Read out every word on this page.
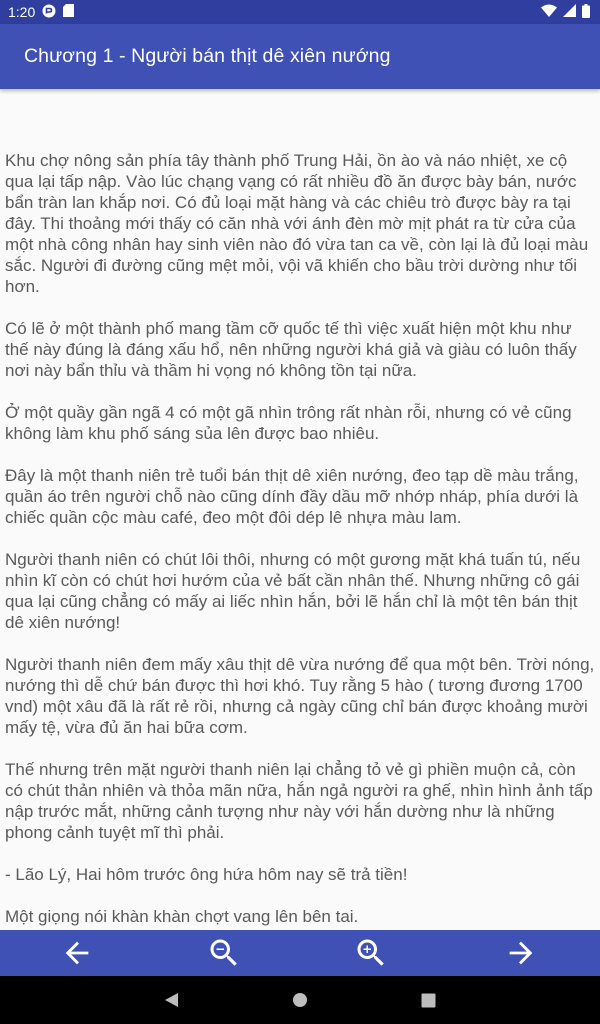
1:20
Chương 1 - Người bán thịt dê xiên nướng

Khu chợ nông sản phía tây thành phố Trung Hải, ồn ào và náo nhiệt, xe cộ qua lại tấp nập. Vào lúc chạng vạng có rất nhiều đồ ăn được bày bán, nước bẩn tràn lan khắp nơi. Có đủ loại mặt hàng và các chiêu trò được bày ra tại đây. Thi thoảng mới thấy có căn nhà với ánh đèn mờ mịt phát ra từ cửa của một nhà công nhân hay sinh viên nào đó vừa tan ca về, còn lại là đủ loại màu sắc. Người đi đường cũng mệt mỏi, vội vã khiến cho bầu trời dường như tối hơn.

Có lẽ ở một thành phố mang tầm cỡ quốc tế thì việc xuất hiện một khu như thế này đúng là đáng xấu hổ, nên những người khá giả và giàu có luôn thấy nơi này bẩn thỉu và thầm hi vọng nó không tồn tại nữa.

Ở một quầy gần ngã 4 có một gã nhìn trông rất nhàn rỗi, nhưng có vẻ cũng không làm khu phố sáng sủa lên được bao nhiêu.

Đây là một thanh niên trẻ tuổi bán thịt dê xiên nướng, đeo tạp dề màu trắng, quần áo trên người chỗ nào cũng dính đầy dầu mỡ nhớp nháp, phía dưới là chiếc quần cộc màu café, đeo một đôi dép lê nhựa màu lam.

Người thanh niên có chút lôi thôi, nhưng có một gương mặt khá tuấn tú, nếu nhìn kĩ còn có chút hơi hướm của vẻ bất cần nhân thế. Nhưng những cô gái qua lại cũng chẳng có mấy ai liếc nhìn hắn, bởi lẽ hắn chỉ là một tên bán thịt dê xiên nướng!

Người thanh niên đem mấy xâu thịt dê vừa nướng để qua một bên. Trời nóng, nướng thì dễ chứ bán được thì hơi khó. Tuy rằng 5 hào ( tương đương 1700 vnd) một xâu đã là rất rẻ rồi, nhưng cả ngày cũng chỉ bán được khoảng mười mấy tệ, vừa đủ ăn hai bữa cơm.

Thế nhưng trên mặt người thanh niên lại chẳng tỏ vẻ gì phiền muộn cả, còn có chút thản nhiên và thỏa mãn nữa, hắn ngả người ra ghế, nhìn hình ảnh tấp nập trước mắt, những cảnh tượng như này với hắn dường như là những phong cảnh tuyệt mĩ thì phải.

- Lão Lý, Hai hôm trước ông hứa hôm nay sẽ trả tiền!

Một giọng nói khàn khàn chợt vang lên bên tai.
